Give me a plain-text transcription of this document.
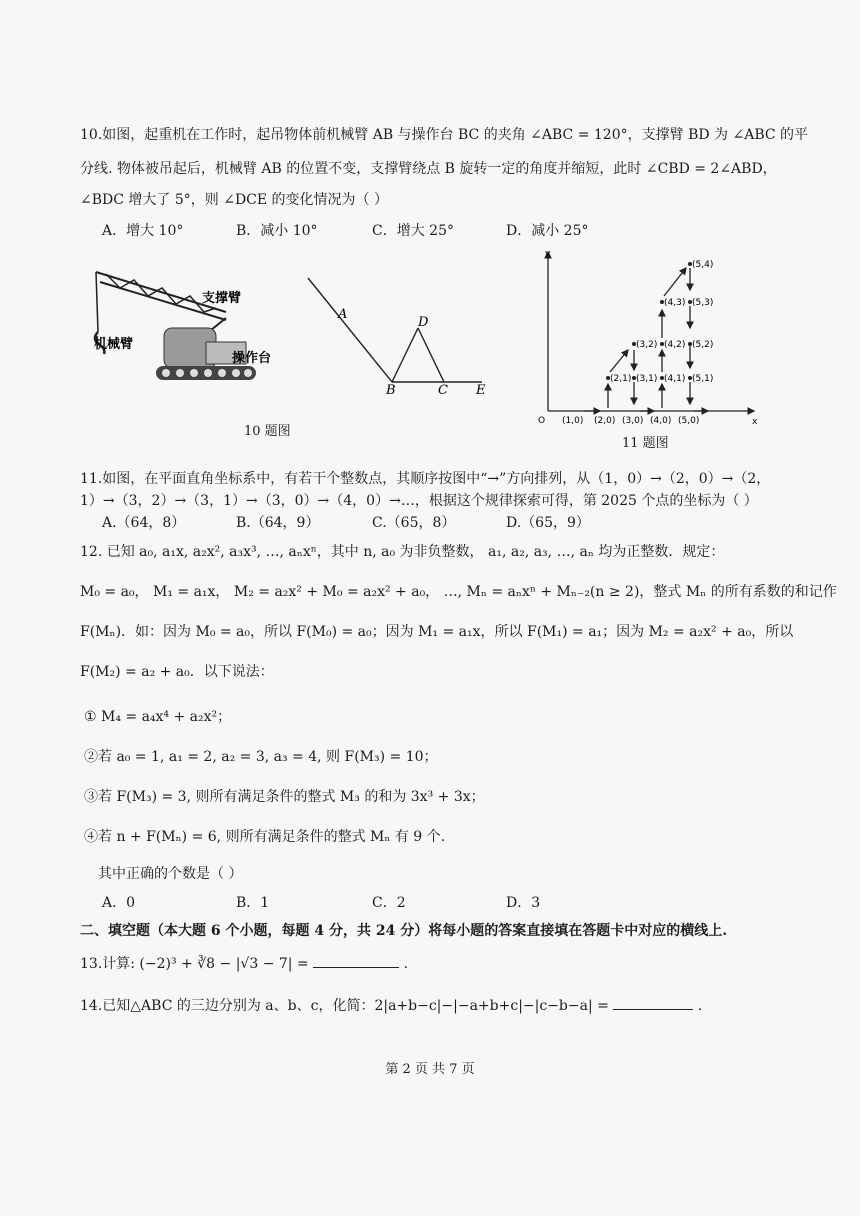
10.如图，起重机在工作时，起吊物体前机械臂 AB 与操作台 BC 的夹角 ∠ABC = 120°，支撑臂 BD 为 ∠ABC 的平
分线. 物体被吊起后，机械臂 AB 的位置不变，支撑臂绕点 B 旋转一定的角度并缩短，此时 ∠CBD = 2∠ABD，
∠BDC 增大了 5°，则 ∠DCE 的变化情况为（ ）
A．增大 10°	B．减小 10°	C．增大 25°	D．减小 25°
支撑臂
机械臂
操作台
A
B	C
D
E
10 题图
y
x
O (1,0) (2,0) (3,0) (4,0) (5,0)
(2,1) (3,1)
(3,2)
(4,1)
(4,2)
(4,3)
(5,1)
(5,2)
(5,3)
(5,4)
11 题图
11.如图，在平面直角坐标系中，有若干个整数点，其顺序按图中“→”方向排列，从（1，0）→（2，0）→（2，
1）→（3，2）→（3，1）→（3，0）→（4，0）→…，根据这个规律探索可得，第 2025 个点的坐标为（ ）
A.（64，8）	B.（64，9）	C.（65，8）	D.（65，9）
12. 已知 a₀, a₁x, a₂x², a₃x³, …, aₙxⁿ，其中 n, a₀ 为非负整数， a₁, a₂, a₃, …, aₙ 均为正整数．规定：
M₀ = a₀， M₁ = a₁x， M₂ = a₂x² + M₀ = a₂x² + a₀， …, Mₙ = aₙxⁿ + Mₙ₋₂(n ≥ 2)，整式 Mₙ 的所有系数的和记作
F(Mₙ)．如：因为 M₀ = a₀，所以 F(M₀) = a₀；因为 M₁ = a₁x，所以 F(M₁) = a₁；因为 M₂ = a₂x² + a₀，所以
F(M₂) = a₂ + a₀．以下说法：
① M₄ = a₄x⁴ + a₂x²；
②若 a₀ = 1, a₁ = 2, a₂ = 3, a₃ = 4, 则 F(M₃) = 10；
③若 F(M₃) = 3, 则所有满足条件的整式 M₃ 的和为 3x³ + 3x；
④若 n + F(Mₙ) = 6, 则所有满足条件的整式 Mₙ 有 9 个.
其中正确的个数是（ ）
A．0	B．1	C．2	D．3
二、填空题（本大题 6 个小题，每题 4 分，共 24 分）将每小题的答案直接填在答题卡中对应的横线上.
13.计算: (−2)³ + ∛8 − |√3 − 7| =	.
14.已知△ABC 的三边分别为 a、b、c，化简：2|a+b−c|−|−a+b+c|−|c−b−a| =	.
第 2 页 共 7 页
